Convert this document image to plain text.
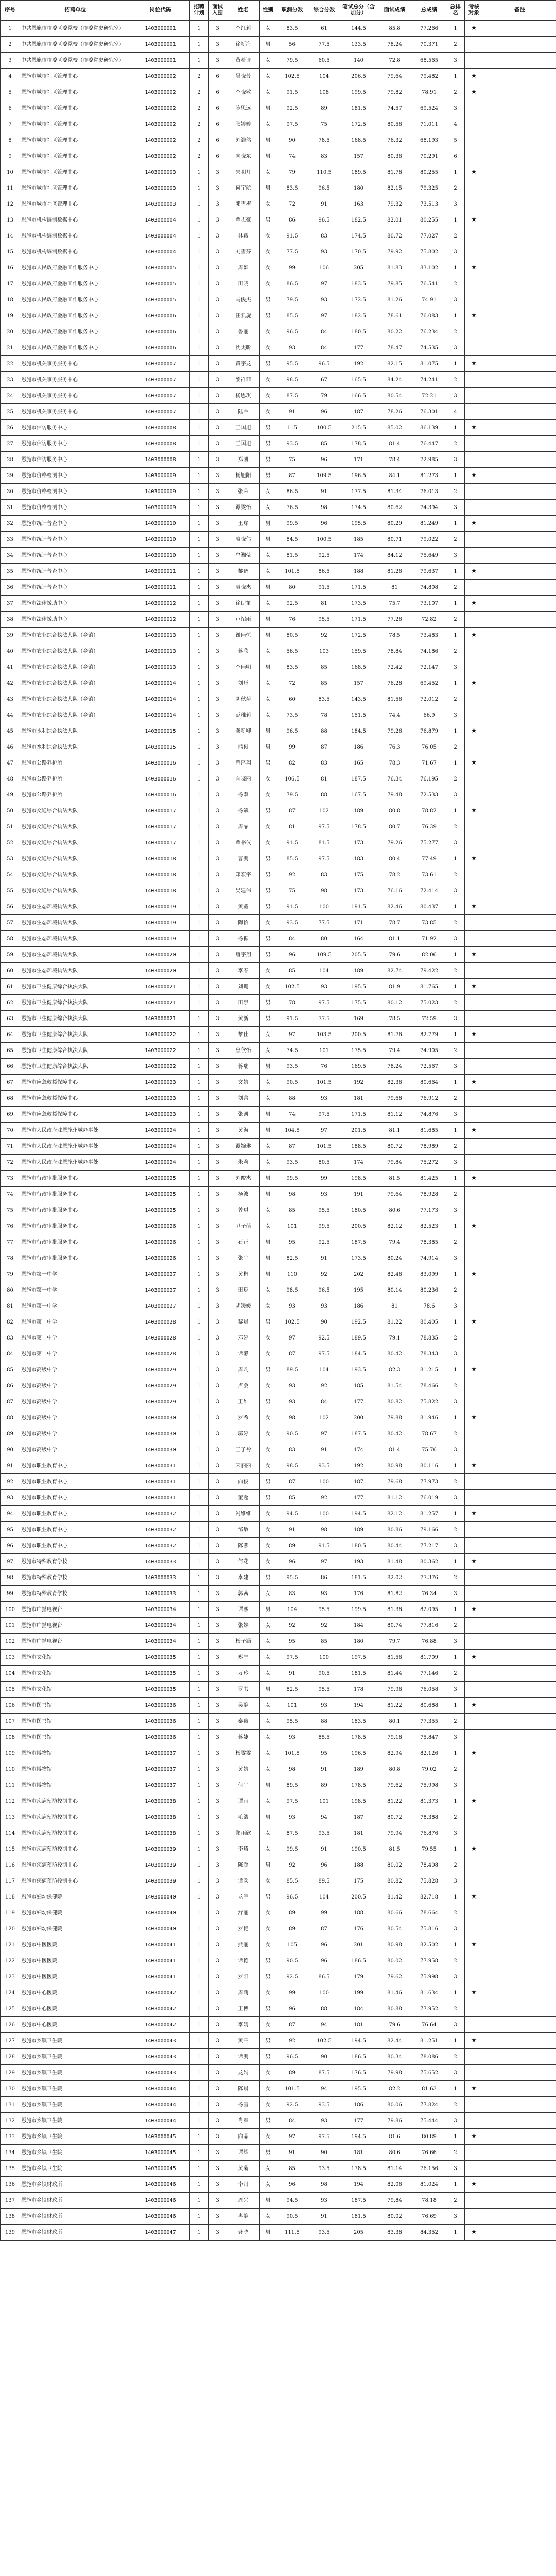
序号	招聘单位	岗位代码	招聘计划	面试入围	姓名	性别	职测分数	综合分数	笔试总分（含加分）	面试成绩	总成绩	总排名	考核对象	备注
1	中共恩施市市委区委党校（市委党史研究室）	1403000001	1	3	李红莉	女	83.5	61	144.5	85.8	77.266	1	★	
2	中共恩施市市委区委党校（市委党史研究室）	1403000001	1	3	徐新海	男	56	77.5	133.5	78.24	70.371	2		
3	中共恩施市市委区委党校（市委党史研究室）	1403000001	1	3	黄若诗	女	79.5	60.5	140	72.8	68.565	3		
4	恩施市城市社区管理中心	1403000002	2	6	吴晓芳	女	102.5	104	206.5	79.64	79.482	1	★	
5	恩施市城市社区管理中心	1403000002	2	6	李晓敏	女	91.5	108	199.5	79.82	78.91	2	★	
6	恩施市城市社区管理中心	1403000002	2	6	陈思远	男	92.5	89	181.5	74.57	69.524	3		
7	恩施市城市社区管理中心	1403000002	2	6	张婷婷	女	97.5	75	172.5	80.56	71.011	4		
8	恩施市城市社区管理中心	1403000002	2	6	刘浩然	男	90	78.5	168.5	76.32	68.193	5		
9	恩施市城市社区管理中心	1403000002	2	6	向晓东	男	74	83	157	80.36	70.291	6		
10	恩施市城市社区管理中心	1403000003	1	3	朱明月	女	79	110.5	189.5	81.78	80.255	1	★	
11	恩施市城市社区管理中心	1403000003	1	3	何宇航	男	83.5	96.5	180	82.15	79.325	2		
12	恩施市城市社区管理中心	1403000003	1	3	邓雪梅	女	72	91	163	79.32	73.513	3		
13	恩施市机构编制数据中心	1403000004	1	3	覃志豪	男	86	96.5	182.5	82.01	80.255	1	★	
14	恩施市机构编制数据中心	1403000004	1	3	林薇	女	91.5	83	174.5	80.72	77.027	2		
15	恩施市机构编制数据中心	1403000004	1	3	刘雪芬	女	77.5	93	170.5	79.92	75.802	3		
16	恩施市人民政府金融工作服务中心	1403000005	1	3	周颖	女	99	106	205	81.83	83.102	1	★	
17	恩施市人民政府金融工作服务中心	1403000005	1	3	田晓	女	86.5	97	183.5	79.85	76.541	2		
18	恩施市人民政府金融工作服务中心	1403000005	1	3	马俊杰	男	79.5	93	172.5	81.26	74.91	3		
19	恩施市人民政府金融工作服务中心	1403000006	1	3	汪凯旋	男	85.5	97	182.5	78.61	76.083	1	★	
20	恩施市人民政府金融工作服务中心	1403000006	1	3	鲁丽	女	96.5	84	180.5	80.22	76.234	2		
21	恩施市人民政府金融工作服务中心	1403000006	1	3	沈雯昕	女	93	84	177	78.47	74.535	3		
22	恩施市机关事务服务中心	1403000007	1	3	黄宇龙	男	95.5	96.5	192	82.15	81.075	1	★	
23	恩施市机关事务服务中心	1403000007	1	3	黎祥菲	女	98.5	67	165.5	84.24	74.241	2		
24	恩施市机关事务服务中心	1403000007	1	3	杨思琪	女	87.5	79	166.5	80.54	72.21	3		
25	恩施市机关事务服务中心	1403000007	1	3	陆兰	女	91	96	187	78.26	76.301	4		
26	恩施市信访服务中心	1403000008	1	3	王国旭	男	115	100.5	215.5	85.02	86.139	1	★	
27	恩施市信访服务中心	1403000008	1	3	王国旭	男	93.5	85	178.5	81.4	76.447	2		
28	恩施市信访服务中心	1403000008	1	3	郑凯	男	75	96	171	78.4	72.985	3		
29	恩施市价格检测中心	1403000009	1	3	杨旭阳	男	87	109.5	196.5	84.1	81.273	1	★	
30	恩施市价格检测中心	1403000009	1	3	张荣	女	86.5	91	177.5	81.34	76.013	2		
31	恩施市价格检测中心	1403000009	1	3	谭雯怡	女	76.5	98	174.5	80.62	74.394	3		
32	恩施市统计普查中心	1403000010	1	3	王琛	男	99.5	96	195.5	80.29	81.249	1	★	
33	恩施市统计普查中心	1403000010	1	3	廖晓伟	男	84.5	100.5	185	80.71	79.022	2		
34	恩施市统计普查中心	1403000010	1	3	牟湘莹	女	81.5	92.5	174	84.12	75.649	3		
35	恩施市统计普查中心	1403000011	1	3	黎鹤	女	101.5	86.5	188	81.26	79.637	1	★	
36	恩施市统计普查中心	1403000011	1	3	袁晓杰	男	80	91.5	171.5	81	74.808	2		
37	恩施市法律援助中心	1403000012	1	3	徐伊笛	女	92.5	81	173.5	75.7	73.107	1	★	
38	恩施市法律援助中心	1403000012	1	3	卢绍雨	男	76	95.5	171.5	77.26	72.82	2		
39	恩施市农业综合执法大队（乡镇）	1403000013	1	3	谢佳恒	男	80.5	92	172.5	78.5	73.483	1	★	
40	恩施市农业综合执法大队（乡镇）	1403000013	1	3	蒋欣	女	56.5	103	159.5	78.84	74.186	2		
41	恩施市农业综合执法大队（乡镇）	1403000013	1	3	李佳明	男	83.5	85	168.5	72.42	72.147	3		
42	恩施市农业综合执法大队（乡镇）	1403000014	1	3	刘彤	女	72	85	157	76.28	69.452	1	★	
43	恩施市农业综合执法大队（乡镇）	1403000014	1	3	胡秋菊	女	60	83.5	143.5	81.56	72.012	2		
44	恩施市农业综合执法大队（乡镇）	1403000014	1	3	彭雅莉	女	73.5	78	151.5	74.4	66.9	3		
45	恩施市水利综合执法大队	1403000015	1	3	龚新卿	男	96.5	88	184.5	79.26	76.879	1	★	
46	恩施市水利综合执法大队	1403000015	1	3	熊俊	男	99	87	186	76.3	76.05	2		
47	恩施市公路养护所	1403000016	1	3	曾泽翔	男	82	83	165	78.3	71.67	1	★	
48	恩施市公路养护所	1403000016	1	3	向晓丽	女	106.5	81	187.5	76.34	76.195	2		
49	恩施市公路养护所	1403000016	1	3	杨双	女	79.5	88	167.5	79.48	72.533	3		
50	恩施市交通综合执法大队	1403000017	1	3	杨斌	男	87	102	189	80.8	78.82	1	★	
51	恩施市交通综合执法大队	1403000017	1	3	周霏	女	81	97.5	178.5	80.7	76.39	2		
52	恩施市交通综合执法大队	1403000017	1	3	覃书仪	女	91.5	81.5	173	79.26	75.277	3		
53	恩施市交通综合执法大队	1403000018	1	3	曹鹏	男	85.5	97.5	183	80.4	77.49	1	★	
54	恩施市交通综合执法大队	1403000018	1	3	郑宏宇	男	92	83	175	78.2	73.61	2		
55	恩施市交通综合执法大队	1403000018	1	3	吴建伟	男	75	98	173	76.16	72.414	3		
56	恩施市生态环境执法大队	1403000019	1	3	黄鑫	男	91.5	100	191.5	82.46	80.437	1	★	
57	恩施市生态环境执法大队	1403000019	1	3	陶怡	女	93.5	77.5	171	78.7	73.85	2		
58	恩施市生态环境执法大队	1403000019	1	3	杨振	男	84	80	164	81.1	71.92	3		
59	恩施市生态环境执法大队	1403000020	1	3	唐宇翔	男	96	109.5	205.5	79.6	82.06	1	★	
60	恩施市生态环境执法大队	1403000020	1	3	李春	女	85	104	189	82.74	79.422	2		
61	恩施市卫生健康综合执法大队	1403000021	1	3	刘珊	女	102.5	93	195.5	81.9	81.765	1	★	
62	恩施市卫生健康综合执法大队	1403000021	1	3	田泉	男	78	97.5	175.5	80.12	75.023	2		
63	恩施市卫生健康综合执法大队	1403000021	1	3	黄新	男	91.5	77.5	169	78.5	72.59	3		
64	恩施市卫生健康综合执法大队	1403000022	1	3	黎佳	女	97	103.5	200.5	81.76	82.779	1	★	
65	恩施市卫生健康综合执法大队	1403000022	1	3	曾欣怡	女	74.5	101	175.5	79.4	74.905	2		
66	恩施市卫生健康综合执法大队	1403000022	1	3	蒋瑞	男	93.5	76	169.5	78.24	72.567	3		
67	恩施市应急救援保障中心	1403000023	1	3	文婧	女	90.5	101.5	192	82.36	80.664	1	★	
68	恩施市应急救援保障中心	1403000023	1	3	刘蕾	女	88	93	181	79.68	76.912	2		
69	恩施市应急救援保障中心	1403000023	1	3	张凯	男	74	97.5	171.5	81.12	74.876	3		
70	恩施市人民政府驻恩施州城办事处	1403000024	1	3	黄海	男	104.5	97	201.5	81.1	81.685	1	★	
71	恩施市人民政府驻恩施州城办事处	1403000024	1	3	谭婉琳	女	87	101.5	188.5	80.72	78.989	2		
72	恩施市人民政府驻恩施州城办事处	1403000024	1	3	朱莉	女	93.5	80.5	174	79.84	75.272	3		
73	恩施市行政审批服务中心	1403000025	1	3	刘俊杰	男	99.5	99	198.5	81.5	81.425	1	★	
74	恩施市行政审批服务中心	1403000025	1	3	杨波	男	98	93	191	79.64	78.928	2		
75	恩施市行政审批服务中心	1403000025	1	3	曾琪	女	85	95.5	180.5	80.6	77.173	3		
76	恩施市行政审批服务中心	1403000026	1	3	尹子萌	女	101	99.5	200.5	82.12	82.523	1	★	
77	恩施市行政审批服务中心	1403000026	1	3	石正	男	95	92.5	187.5	79.4	78.385	2		
78	恩施市行政审批服务中心	1403000026	1	3	张宇	男	82.5	91	173.5	80.24	74.914	3		
79	恩施市第一中学	1403000027	1	3	黄楷	男	110	92	202	82.46	83.099	1	★	
80	恩施市第一中学	1403000027	1	3	田琼	女	98.5	96.5	195	80.14	80.236	2		
81	恩施市第一中学	1403000027	1	3	胡媛媛	女	93	93	186	81	78.6	3		
82	恩施市第一中学	1403000028	1	3	黎晨	男	102.5	90	192.5	81.22	80.405	1	★	
83	恩施市第一中学	1403000028	1	3	邓婷	女	97	92.5	189.5	79.1	78.835	2		
84	恩施市第一中学	1403000028	1	3	谭静	女	87	97.5	184.5	80.42	78.343	3		
85	恩施市高级中学	1403000029	1	3	周凡	男	89.5	104	193.5	82.3	81.215	1	★	
86	恩施市高级中学	1403000029	1	3	卢会	女	93	92	185	81.54	78.466	2		
87	恩施市高级中学	1403000029	1	3	王维	男	93	84	177	80.82	75.822	3		
88	恩施市高级中学	1403000030	1	3	罗希	女	98	102	200	79.88	81.946	1	★	
89	恩施市高级中学	1403000030	1	3	邬婷	女	90.5	97	187.5	80.42	78.67	2		
90	恩施市高级中学	1403000030	1	3	王子衿	女	83	91	174	81.4	75.76	3		
91	恩施市职业教育中心	1403000031	1	3	宋丽丽	女	98.5	93.5	192	80.98	80.116	1	★	
92	恩施市职业教育中心	1403000031	1	3	向俊	男	87	100	187	79.68	77.973	2		
93	恩施市职业教育中心	1403000031	1	3	董超	男	85	92	177	81.12	76.019	3		
94	恩施市职业教育中心	1403000032	1	3	冯维维	女	94.5	100	194.5	82.12	81.257	1	★	
95	恩施市职业教育中心	1403000032	1	3	邹敏	女	91	98	189	80.86	79.166	2		
96	恩施市职业教育中心	1403000032	1	3	陈燕	女	89	91.5	180.5	80.44	77.217	3		
97	恩施市特殊教育学校	1403000033	1	3	何花	女	96	97	193	81.48	80.362	1	★	
98	恩施市特殊教育学校	1403000033	1	3	李建	男	95.5	86	181.5	82.02	77.376	2		
99	恩施市特殊教育学校	1403000033	1	3	郭茜	女	83	93	176	81.82	76.34	3		
100	恩施市广播电视台	1403000034	1	3	谭熙	男	104	95.5	199.5	81.38	82.095	1	★	
101	恩施市广播电视台	1403000034	1	3	张姝	女	92	92	184	80.74	77.816	2		
102	恩施市广播电视台	1403000034	1	3	杨子涵	女	95	85	180	79.7	76.88	3		
103	恩施市文化馆	1403000035	1	3	郑宁	女	97.5	100	197.5	81.56	81.709	1	★	
104	恩施市文化馆	1403000035	1	3	万玲	女	91	90.5	181.5	81.44	77.146	2		
105	恩施市文化馆	1403000035	1	3	罗书	男	82.5	95.5	178	79.96	76.058	3		
106	恩施市图书馆	1403000036	1	3	吴静	女	101	93	194	81.22	80.688	1	★	
107	恩施市图书馆	1403000036	1	3	秦薇	女	95.5	88	183.5	80.1	77.355	2		
108	恩施市图书馆	1403000036	1	3	蒋婕	女	93	85.5	178.5	79.18	75.847	3		
109	恩施市博物馆	1403000037	1	3	杨雯雯	女	101.5	95	196.5	82.94	82.126	1	★	
110	恩施市博物馆	1403000037	1	3	黄婧	女	98	91	189	80.8	79.02	2		
111	恩施市博物馆	1403000037	1	3	何宇	男	89.5	89	178.5	79.62	75.998	3		
112	恩施市疾病预防控制中心	1403000038	1	3	谭雨	女	97.5	101	198.5	81.22	81.373	1	★	
113	恩施市疾病预防控制中心	1403000038	1	3	毛浩	男	93	94	187	80.72	78.388	2		
114	恩施市疾病预防控制中心	1403000038	1	3	郑雨欣	女	87.5	93.5	181	79.94	76.876	3		
115	恩施市疾病预防控制中心	1403000039	1	3	李琦	女	99.5	91	190.5	81.5	79.55	1	★	
116	恩施市疾病预防控制中心	1403000039	1	3	陈超	男	92	96	188	80.02	78.408	2		
117	恩施市疾病预防控制中心	1403000039	1	3	谭欢	女	85.5	89.5	175	80.82	75.828	3		
118	恩施市妇幼保健院	1403000040	1	3	龙宇	男	96.5	104	200.5	81.42	82.718	1	★	
119	恩施市妇幼保健院	1403000040	1	3	舒丽	女	89	99	188	80.66	78.664	2		
120	恩施市妇幼保健院	1403000040	1	3	罗艳	女	89	87	176	80.54	75.816	3		
121	恩施市中医医院	1403000041	1	3	熊丽	女	105	96	201	80.98	82.502	1	★	
122	恩施市中医医院	1403000041	1	3	谭德	男	90.5	96	186.5	80.02	77.958	2		
123	恩施市中医医院	1403000041	1	3	罗阳	男	92.5	86.5	179	79.62	75.998	3		
124	恩施市中心医院	1403000042	1	3	周莉	女	99	100	199	81.46	81.634	1	★	
125	恩施市中心医院	1403000042	1	3	王博	男	96	88	184	80.88	77.952	2		
126	恩施市中心医院	1403000042	1	3	李嫣	女	87	94	181	79.6	76.64	3		
127	恩施市乡镇卫生院	1403000043	1	3	黄平	男	92	102.5	194.5	82.44	81.251	1	★	
128	恩施市乡镇卫生院	1403000043	1	3	谭鹏	男	96.5	90	186.5	80.34	78.086	2		
129	恩施市乡镇卫生院	1403000043	1	3	龙娟	女	89	87.5	176.5	79.98	75.652	3		
130	恩施市乡镇卫生院	1403000044	1	3	陈晨	女	101.5	94	195.5	82.2	81.63	1	★	
131	恩施市乡镇卫生院	1403000044	1	3	杨雪	女	92.5	93.5	186	80.06	77.824	2		
132	恩施市乡镇卫生院	1403000044	1	3	肖军	男	84	93	177	79.86	75.444	3		
133	恩施市乡镇卫生院	1403000045	1	3	向晶	女	97	97.5	194.5	81.6	80.89	1	★	
134	恩施市乡镇卫生院	1403000045	1	3	谭辉	男	91	90	181	80.6	76.66	2		
135	恩施市乡镇卫生院	1403000045	1	3	黄菊	女	85	93.5	178.5	81.14	76.156	3		
136	恩施市乡镇财政所	1403000046	1	3	李丹	女	96	98	194	82.06	81.024	1	★	
137	恩施市乡镇财政所	1403000046	1	3	周兴	男	94.5	93	187.5	79.84	78.18	2		
138	恩施市乡镇财政所	1403000046	1	3	冉静	女	90.5	91	181.5	80.02	76.69	3		
139	恩施市乡镇财政所	1403000047	1	3	龚晓	男	111.5	93.5	205	83.38	84.352	1	★	
